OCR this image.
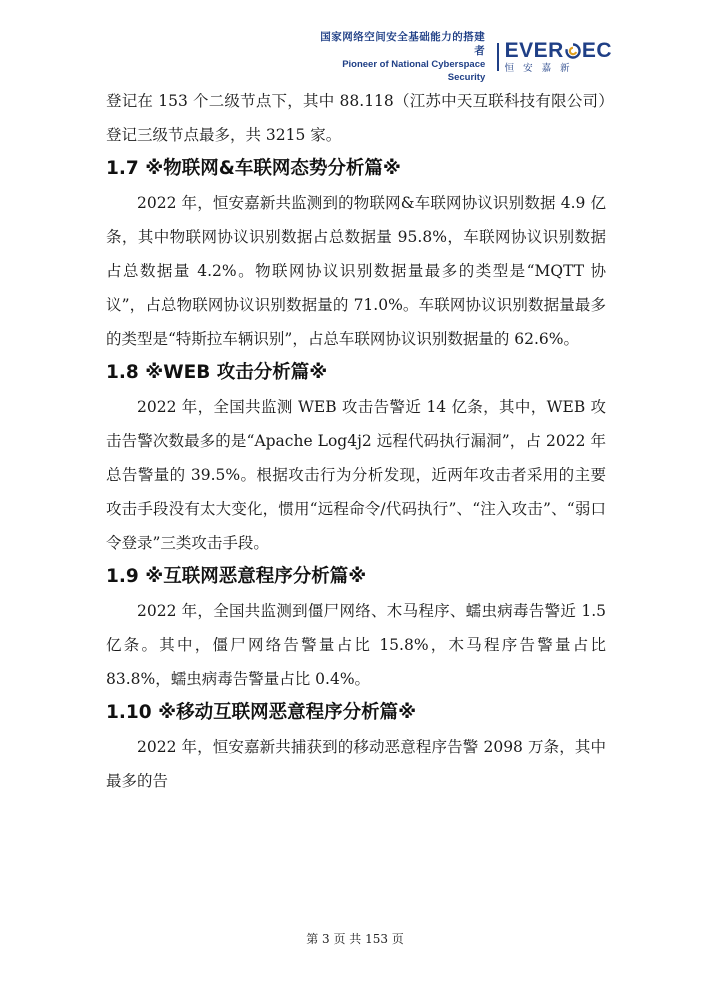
国家网络空间安全基础能力的搭建者
Pioneer of National Cyberspace Security
EVER EC
恒安嘉新

登记在 153 个二级节点下，其中 88.118（江苏中天互联科技有限公司）登记三级节点最多，共 3215 家。

1.7 ※物联网&车联网态势分析篇※

2022 年，恒安嘉新共监测到的物联网&车联网协议识别数据 4.9 亿条，其中物联网协议识别数据占总数据量 95.8%，车联网协议识别数据占总数据量 4.2%。物联网协议识别数据量最多的类型是“MQTT 协议”，占总物联网协议识别数据量的 71.0%。车联网协议识别数据量最多的类型是“特斯拉车辆识别”，占总车联网协议识别数据量的 62.6%。

1.8 ※WEB 攻击分析篇※

2022 年，全国共监测 WEB 攻击告警近 14 亿条，其中，WEB 攻击告警次数最多的是“Apache Log4j2 远程代码执行漏洞”，占 2022 年总告警量的 39.5%。根据攻击行为分析发现，近两年攻击者采用的主要攻击手段没有太大变化，惯用“远程命令/代码执行”、“注入攻击”、“弱口令登录”三类攻击手段。

1.9 ※互联网恶意程序分析篇※

2022 年，全国共监测到僵尸网络、木马程序、蠕虫病毒告警近 1.5 亿条。其中，僵尸网络告警量占比 15.8%，木马程序告警量占比 83.8%，蠕虫病毒告警量占比 0.4%。

1.10 ※移动互联网恶意程序分析篇※

2022 年，恒安嘉新共捕获到的移动恶意程序告警 2098 万条，其中最多的告

第 3 页 共 153 页
